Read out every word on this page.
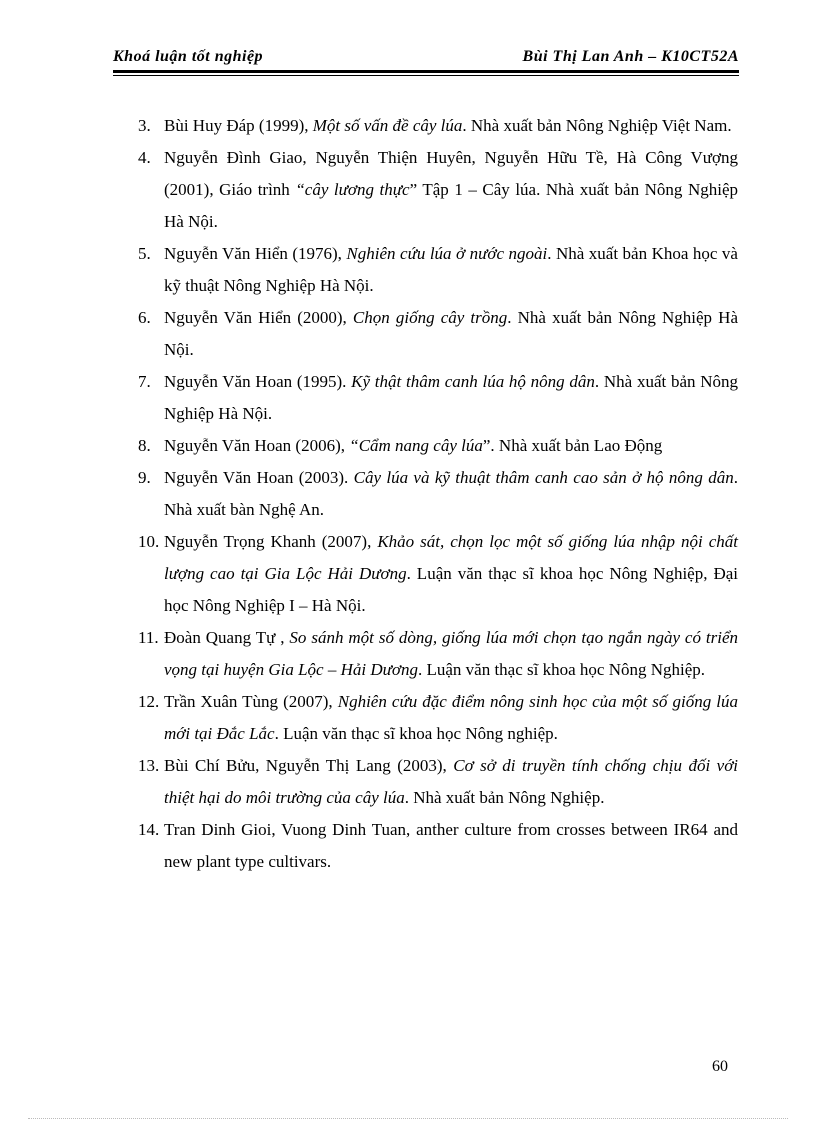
Khoá luận tốt nghiệp	Bùi Thị Lan Anh – K10CT52A
3. Bùi Huy Đáp (1999), Một số vấn đề cây lúa. Nhà xuất bản Nông Nghiệp Việt Nam.
4. Nguyễn Đình Giao, Nguyễn Thiện Huyên, Nguyễn Hữu Tề, Hà Công Vượng (2001), Giáo trình “cây lương thực” Tập 1 – Cây lúa. Nhà xuất bản Nông Nghiệp Hà Nội.
5. Nguyễn Văn Hiển (1976), Nghiên cứu lúa ở nước ngoài. Nhà xuất bản Khoa học và kỹ thuật Nông Nghiệp Hà Nội.
6. Nguyễn Văn Hiển (2000), Chọn giống cây trồng. Nhà xuất bản Nông Nghiệp Hà Nội.
7. Nguyễn Văn Hoan (1995). Kỹ thật thâm canh lúa hộ nông dân. Nhà xuất bản Nông Nghiệp Hà Nội.
8. Nguyễn Văn Hoan (2006), “Cẩm nang cây lúa”. Nhà xuất bản Lao Động
9. Nguyễn Văn Hoan (2003). Cây lúa và kỹ thuật thâm canh cao sản ở hộ nông dân. Nhà xuất bàn Nghệ An.
10. Nguyễn Trọng Khanh (2007), Khảo sát, chọn lọc một số giống lúa nhập nội chất lượng cao tại Gia Lộc Hải Dương. Luận văn thạc sĩ khoa học Nông Nghiệp, Đại học Nông Nghiệp I – Hà Nội.
11. Đoàn Quang Tự , So sánh một số dòng, giống lúa mới chọn tạo ngắn ngày có triển vọng tại huyện Gia Lộc – Hải Dương. Luận văn thạc sĩ khoa học Nông Nghiệp.
12. Trần Xuân Tùng (2007), Nghiên cứu đặc điểm nông sinh học của một số giống lúa mới tại Đắc Lắc. Luận văn thạc sĩ khoa học Nông nghiệp.
13. Bùi Chí Bửu, Nguyễn Thị Lang (2003), Cơ sở di truyền tính chống chịu đối với thiệt hại do môi trường của cây lúa. Nhà xuất bản Nông Nghiệp.
14. Tran Dinh Gioi, Vuong Dinh Tuan, anther culture from crosses between IR64 and new plant type cultivars.
60
